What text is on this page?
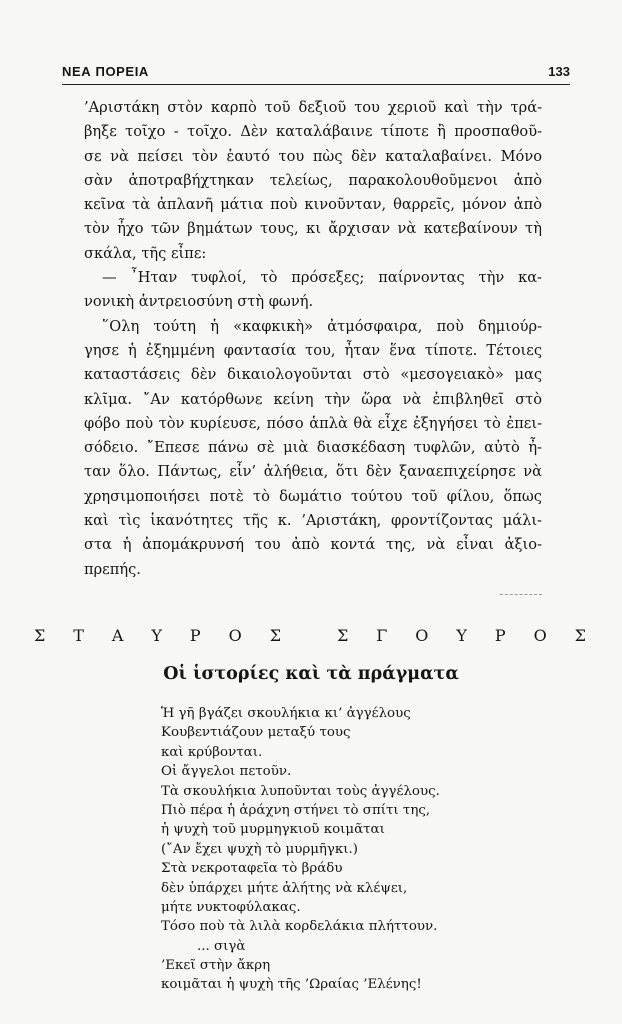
ΝΕΑ ΠΟΡΕΙΑ	133
’Αριστάκη στὸν καρπὸ τοῦ δεξιοῦ του χεριοῦ καὶ τὴν τρά-
βηξε τοῖχο - τοῖχο. Δὲν καταλάβαινε τίποτε ἢ προσπαθοῦ-
σε νὰ πείσει τὸν ἑαυτό του πὼς δὲν καταλαβαίνει. Μόνο
σὰν ἀποτραβήχτηκαν τελείως, παρακολουθοῦμενοι ἀπὸ
κεῖνα τὰ ἀπλανῆ μάτια ποὺ κινοῦνταν, θαρρεῖς, μόνον ἀπὸ
τὸν ἦχο τῶν βημάτων τους, κι ἄρχισαν νὰ κατεβαίνουν τὴ
σκάλα, τῆς εἶπε:
— ῏Ηταν τυφλοί, τὸ πρόσεξες; παίρνοντας τὴν κα-
νονικὴ ἀντρειοσύνη στὴ φωνή.
῞Ολη τούτη ἡ «καφκικὴ» ἀτμόσφαιρα, ποὺ δημιούρ-
γησε ἡ ἐξημμένη φαντασία του, ἦταν ἕνα τίποτε. Τέτοιες
καταστάσεις δὲν δικαιολογοῦνται στὸ «μεσογειακὸ» μας
κλῖμα. ῎Αν κατόρθωνε κείνη τὴν ὥρα νὰ ἐπιβληθεῖ στὸ
φόβο ποὺ τὸν κυρίευσε, πόσο ἁπλὰ θὰ εἶχε ἐξηγήσει τὸ ἐπει-
σόδειο. ῎Επεσε πάνω σὲ μιὰ διασκέδαση τυφλῶν, αὐτὸ ἦ-
ταν ὅλο. Πάντως, εἶν’ ἀλήθεια, ὅτι δὲν ξαναεπιχείρησε νὰ
χρησιμοποιήσει ποτὲ τὸ δωμάτιο τούτου τοῦ φίλου, ὅπως
καὶ τὶς ἱκανότητες τῆς κ. ’Αριστάκη, φροντίζοντας μάλι-
στα ἡ ἀπομάκρυνσή του ἀπὸ κοντά της, νὰ εἶναι ἀξιο-
πρεπής.
Σ Τ Α Υ Ρ Ο Σ	Σ Γ Ο Υ Ρ Ο Σ
Οἱ ἱστορίες καὶ τὰ πράγματα
Ἡ γῆ βγάζει σκουλήκια κι’ ἀγγέλους
Κουβεντιάζουν μεταξύ τους
καὶ κρύβονται.
Οἱ ἄγγελοι πετοῦν.
Τὰ σκουλήκια λυποῦνται τοὺς ἀγγέλους.
Πιὸ πέρα ἡ ἀράχνη στήνει τὸ σπίτι της,
ἡ ψυχὴ τοῦ μυρμηγκιοῦ κοιμᾶται
(῎Αν ἔχει ψυχὴ τὸ μυρμῆγκι.)
Στὰ νεκροταφεῖα τὸ βράδυ
δὲν ὑπάρχει μήτε ἀλήτης νὰ κλέψει,
μήτε νυκτοφύλακας.
Τόσο ποὺ τὰ λιλὰ κορδελάκια πλήττουν.
... σιγὰ
’Εκεῖ στὴν ἄκρη
κοιμᾶται ἡ ψυχὴ τῆς ’Ωραίας ’Ελένης!
